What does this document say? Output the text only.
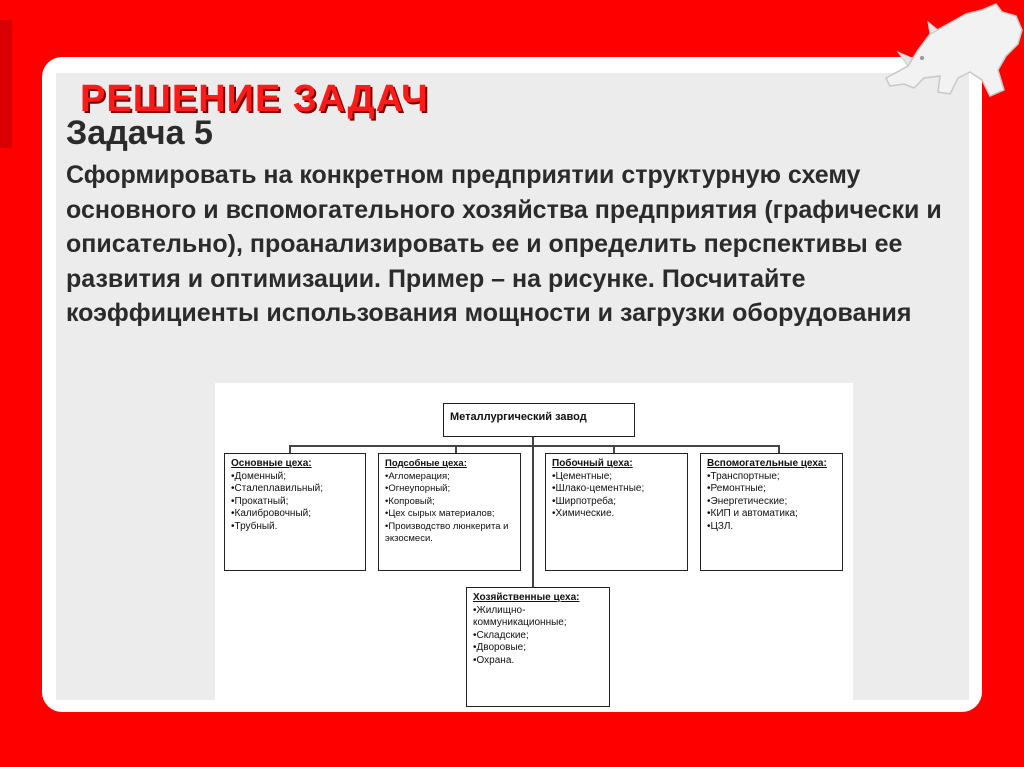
РЕШЕНИЕ ЗАДАЧ
Задача 5

Сформировать на конкретном предприятии структурную схему основного и вспомогательного хозяйства предприятия (графически и описательно), проанализировать ее и определить перспективы ее развития и оптимизации. Пример – на рисунке. Посчитайте коэффициенты использования мощности и загрузки оборудования

Металлургический завод
Основные цеха:
• Доменный;
• Сталеплавильный;
• Прокатный;
• Калибровочный;
• Трубный.
Подсобные цеха:
• Агломерация;
• Огнеупорный;
• Копровый;
• Цех сырых материалов;
• Производство люнкерита и экзосмеси.
Побочный цеха:
• Цементные;
• Шлако-цементные;
• Ширпотреба;
• Химические.
Вспомогательные цеха:
• Транспортные;
• Ремонтные;
• Энергетические;
• КИП и автоматика;
• ЦЗЛ.
Хозяйственные цеха:
• Жилищно-коммуникационные;
• Складские;
• Дворовые;
• Охрана.
